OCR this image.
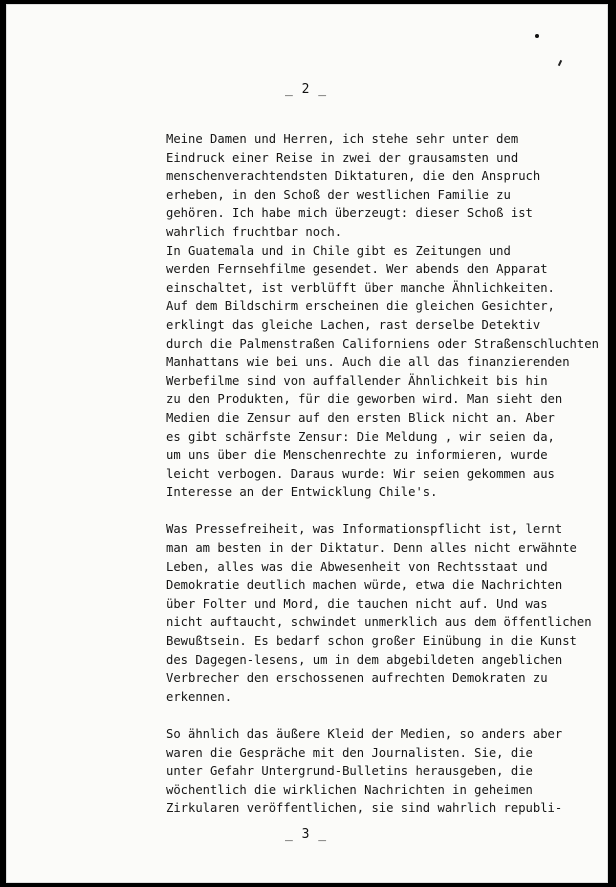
_ 2 _
Meine Damen und Herren, ich stehe sehr unter dem
Eindruck einer Reise in zwei der grausamsten und
menschenverachtendsten Diktaturen, die den Anspruch
erheben, in den Schoß der westlichen Familie zu
gehören. Ich habe mich überzeugt: dieser Schoß ist
wahrlich fruchtbar noch.
In Guatemala und in Chile gibt es Zeitungen und
werden Fernsehfilme gesendet. Wer abends den Apparat
einschaltet, ist verblüfft über manche Ähnlichkeiten.
Auf dem Bildschirm erscheinen die gleichen Gesichter,
erklingt das gleiche Lachen, rast derselbe Detektiv
durch die Palmenstraßen Californiens oder Straßenschluchten
Manhattans wie bei uns. Auch die all das finanzierenden
Werbefilme sind von auffallender Ähnlichkeit bis hin
zu den Produkten, für die geworben wird. Man sieht den
Medien die Zensur auf den ersten Blick nicht an. Aber
es gibt schärfste Zensur: Die Meldung , wir seien da,
um uns über die Menschenrechte zu informieren, wurde
leicht verbogen. Daraus wurde: Wir seien gekommen aus
Interesse an der Entwicklung Chile's.
Was Pressefreiheit, was Informationspflicht ist, lernt
man am besten in der Diktatur. Denn alles nicht erwähnte
Leben, alles was die Abwesenheit von Rechtsstaat und
Demokratie deutlich machen würde, etwa die Nachrichten
über Folter und Mord, die tauchen nicht auf. Und was
nicht auftaucht, schwindet unmerklich aus dem öffentlichen
Bewußtsein. Es bedarf schon großer Einübung in die Kunst
des Dagegen-lesens, um in dem abgebildeten angeblichen
Verbrecher den erschossenen aufrechten Demokraten zu
erkennen.
So ähnlich das äußere Kleid der Medien, so anders aber
waren die Gespräche mit den Journalisten. Sie, die
unter Gefahr Untergrund-Bulletins herausgeben, die
wöchentlich die wirklichen Nachrichten in geheimen
Zirkularen veröffentlichen, sie sind wahrlich republi-
_ 3 _
